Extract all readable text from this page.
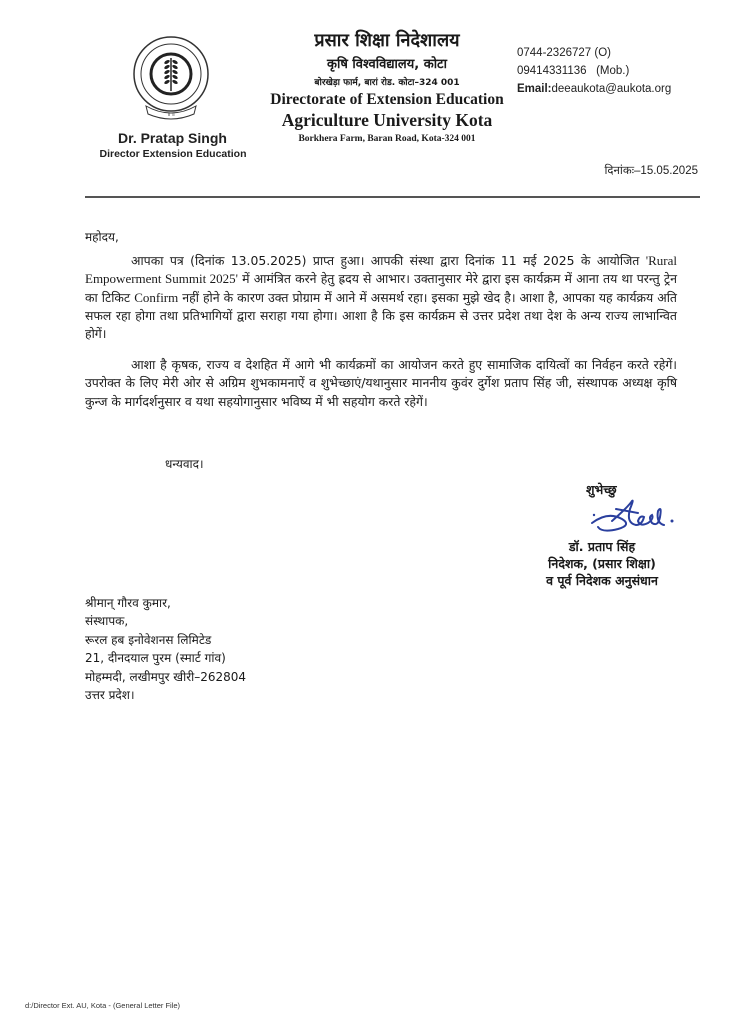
॥ ॥
Dr. Pratap Singh
Director Extension Education
प्रसार शिक्षा निदेशालय
कृषि विश्वविद्यालय, कोटा
बोरखेड़ा फार्म, बारां रोड. कोटा–324 001
Directorate of Extension Education
Agriculture University Kota
Borkhera Farm, Baran Road, Kota-324 001
0744-2326727 (O)
09414331136   (Mob.)
Email:deeaukota@aukota.org
दिनांकः–15.05.2025
महोदय,
आपका पत्र (दिनांक 13.05.2025) प्राप्त हुआ। आपकी संस्था द्वारा दिनांक 11 मई 2025 के आयोजित 'Rural Empowerment Summit 2025' में आमंत्रित करने हेतु ह्रदय से आभार। उक्तानुसार मेरे द्वारा इस कार्यक्रम में आना तय था परन्तु ट्रेन का टिकिट Confirm नहीं होने के कारण उक्त प्रोग्राम में आने में असमर्थ रहा। इसका मुझे खेद है। आशा है, आपका यह कार्यक्रय अति सफल रहा होगा तथा प्रतिभागियों द्वारा सराहा गया होगा। आशा है कि इस कार्यक्रम से उत्तर प्रदेश तथा देश के अन्य राज्य लाभान्वित होगें।
आशा है कृषक, राज्य व देशहित में आगे भी कार्यक्रमों का आयोजन करते हुए सामाजिक दायित्वों का निर्वहन करते रहेगें। उपरोक्त के लिए मेरी ओर से अग्रिम शुभकामनाऐं व शुभेच्छाएं/यथानुसार माननीय कुवंर दुर्गेश प्रताप सिंह जी, संस्थापक अध्यक्ष कृषि कुन्ज के मार्गदर्शनुसार व यथा सहयोगानुसार भविष्य में भी सहयोग करते रहेगें।
धन्यवाद।
शुभेच्छु
डॉ. प्रताप सिंह
निदेशक, (प्रसार शिक्षा)
व पूर्व निदेशक अनुसंधान
श्रीमान् गौरव कुमार,
संस्थापक,
रूरल हब इनोवेशनस लिमिटेड
21, दीनदयाल पुरम (स्मार्ट गांव)
मोहम्मदी, लखीमपुर खीरी–262804
उत्तर प्रदेश।
d:/Director Ext. AU, Kota - (General Letter File)
